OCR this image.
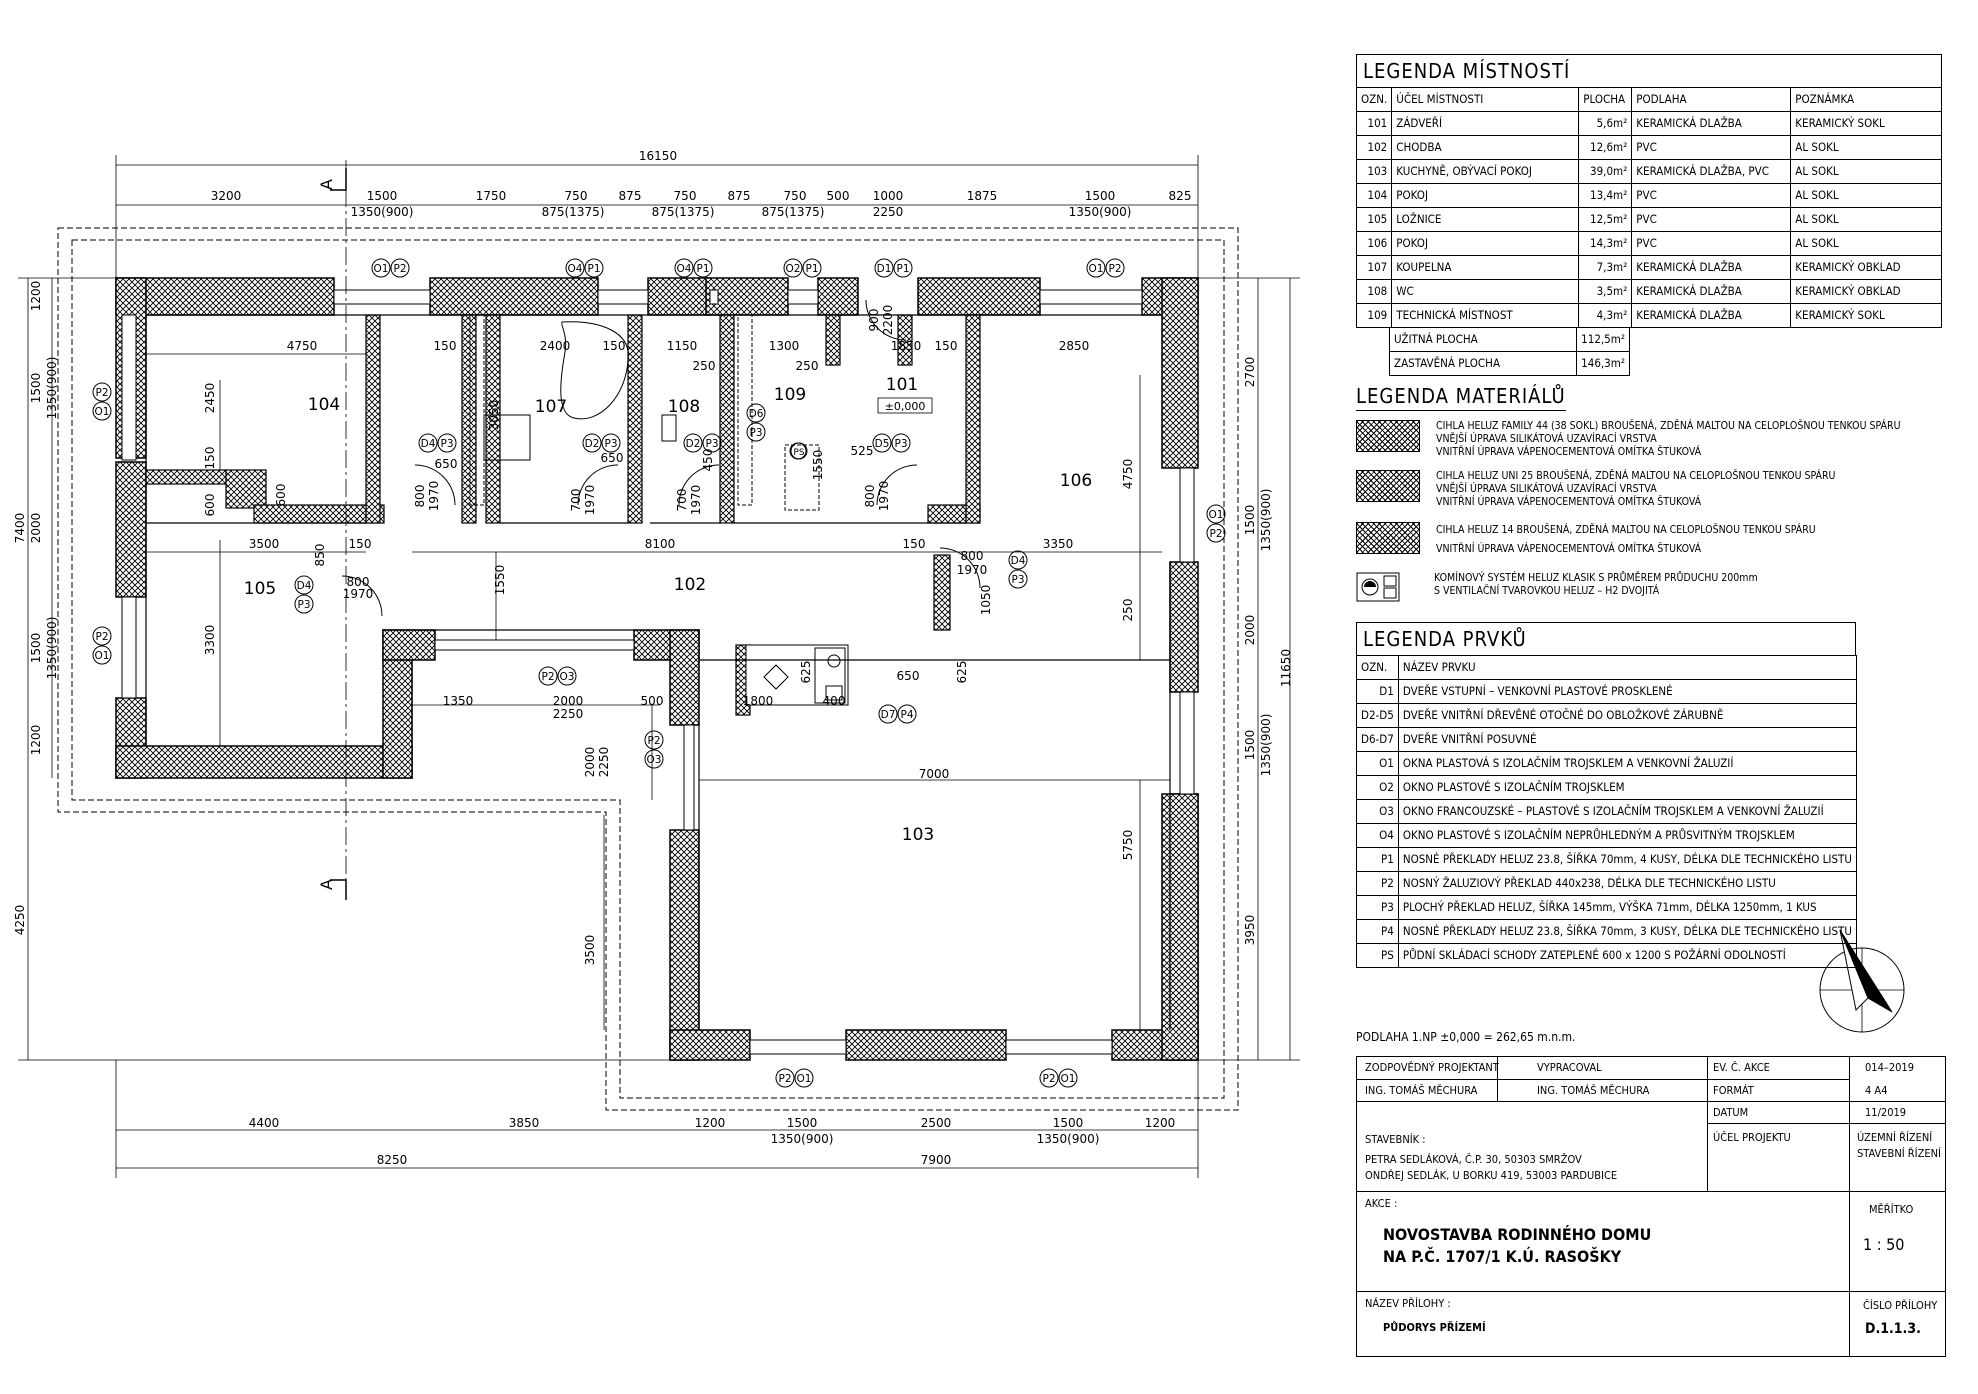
A
A
16150
3200	1500
1350(900)
1750	750
875(1375)
875	750
875(1375)
875	750
875(1375)
500 1000
2250
1875	1500
1350(900)
825
4400	3850	1200	1500
1350(900)
2500	1500
1350(900)
1200
8250	7900
1200
1500 1350(900)
2000
1500 1350(900)
1200
7400
4250
2700
1500 1350(900)
2000
1500 1350(900)
3950
11650
4750	150	2400	150	1150	1300	1850 150	2850
2450
150
600	600
3050
250	250
650	650	450
800 1970	700 1970	700 1970	800 1970
1550 525
3500	150	8100	150	3350
850
800
1970	1550
800
1970
1050	250
4750
3300
1350	2000
2250
500	1800	400
625	625
650
7000
5750
2000 2250
3500
900 2200
104	107	108
109	101
106
105	102
103
±0,000
O1 P2	O4 P1	O4 P1	O2 P1	D1 P1	O1 P2
P2
O1
D4 P3	D2 P3	D2 P3
D6
P3
D5 P3
D4
P3
D4
P3
P2 O3
D7 P4
P2
O3
P2 O1	P2 O1
O1
P2
P2
O1
PS
LEGENDA MÍSTNOSTÍ
OZN.	ÚČEL MÍSTNOSTI	PLOCHA	PODLAHA	POZNÁMKA
101	ZÁDVEŘÍ	5,6m²	KERAMICKÁ DLAŽBA	KERAMICKÝ SOKL
102	CHODBA	12,6m²	PVC	AL SOKL
103	KUCHYNĚ, OBÝVACÍ POKOJ	39,0m²	KERAMICKÁ DLAŽBA, PVC	AL SOKL
104	POKOJ	13,4m²	PVC	AL SOKL
105	LOŽNICE	12,5m²	PVC	AL SOKL
106	POKOJ	14,3m²	PVC	AL SOKL
107	KOUPELNA	7,3m²	KERAMICKÁ DLAŽBA	KERAMICKÝ OBKLAD
108	WC	3,5m²	KERAMICKÁ DLAŽBA	KERAMICKÝ OBKLAD
109	TECHNICKÁ MÍSTNOST	4,3m²	KERAMICKÁ DLAŽBA	KERAMICKÝ SOKL
UŽITNÁ PLOCHA	112,5m²
ZASTAVĚNÁ PLOCHA	146,3m²
LEGENDA MATERIÁLŮ
CIHLA HELUZ FAMILY 44 (38 SOKL) BROUŠENÁ, ZDĚNÁ MALTOU NA CELOPLOŠNOU TENKOU SPÁRU
VNĚJŠÍ ÚPRAVA SILIKÁTOVÁ UZAVÍRACÍ VRSTVA
VNITŘNÍ ÚPRAVA VÁPENOCEMENTOVÁ OMÍTKA ŠTUKOVÁ
CIHLA HELUZ UNI 25 BROUŠENÁ, ZDĚNÁ MALTOU NA CELOPLOŠNOU TENKOU SPÁRU
VNĚJŠÍ ÚPRAVA SILIKÁTOVÁ UZAVÍRACÍ VRSTVA
VNITŘNÍ ÚPRAVA VÁPENOCEMENTOVÁ OMÍTKA ŠTUKOVÁ
CIHLA HELUZ 14 BROUŠENÁ, ZDĚNÁ MALTOU NA CELOPLOŠNOU TENKOU SPÁRU
VNITŘNÍ ÚPRAVA VÁPENOCEMENTOVÁ OMÍTKA ŠTUKOVÁ
KOMÍNOVÝ SYSTÉM HELUZ KLASIK S PRŮMĚREM PRŮDUCHU 200mm
S VENTILAČNÍ TVAROVKOU HELUZ – H2 DVOJITÁ
LEGENDA PRVKŮ
OZN.	NÁZEV PRVKU
D1	DVEŘE VSTUPNÍ – VENKOVNÍ PLASTOVÉ PROSKLENÉ
D2-D5	DVEŘE VNITŘNÍ DŘEVĚNÉ OTOČNÉ DO OBLOŽKOVÉ ZÁRUBNĚ
D6-D7	DVEŘE VNITŘNÍ POSUVNÉ
O1	OKNA PLASTOVÁ S IZOLAČNÍM TROJSKLEM A VENKOVNÍ ŽALUZIÍ
O2	OKNO PLASTOVÉ S IZOLAČNÍM TROJSKLEM
O3	OKNO FRANCOUZSKÉ – PLASTOVÉ S IZOLAČNÍM TROJSKLEM A VENKOVNÍ ŽALUZIÍ
O4	OKNO PLASTOVÉ S IZOLAČNÍM NEPRŮHLEDNÝM A PRŮSVITNÝM TROJSKLEM
P1	NOSNÉ PŘEKLADY HELUZ 23.8, ŠÍŘKA 70mm, 4 KUSY, DÉLKA DLE TECHNICKÉHO LISTU
P2	NOSNÝ ŽALUZIOVÝ PŘEKLAD 440x238, DÉLKA DLE TECHNICKÉHO LISTU
P3	PLOCHÝ PŘEKLAD HELUZ, ŠÍŘKA 145mm, VÝŠKA 71mm, DÉLKA 1250mm, 1 KUS
P4	NOSNÉ PŘEKLADY HELUZ 23.8, ŠÍŘKA 70mm, 3 KUSY, DÉLKA DLE TECHNICKÉHO LISTU
PS	PŮDNÍ SKLÁDACÍ SCHODY ZATEPLENÉ 600 x 1200 S POŽÁRNÍ ODOLNOSTÍ
PODLAHA 1.NP ±0,000 = 262,65 m.n.m.
ZODPOVĚDNÝ PROJEKTANT
ING. TOMÁŠ MĚCHURA
VYPRACOVAL
ING. TOMÁŠ MĚCHURA
EV. Č. AKCE	014–2019
FORMÁT	4 A4
DATUM	11/2019
STAVEBNÍK :
PETRA SEDLÁKOVÁ, Č.P. 30, 50303 SMRŽOV
ONDŘEJ SEDLÁK, U BORKU 419, 53003 PARDUBICE
ÚČEL PROJEKTU	ÚZEMNÍ ŘÍZENÍ
STAVEBNÍ ŘÍZENÍ
AKCE :
NOVOSTAVBA RODINNÉHO DOMU
NA P.Č. 1707/1 K.Ú. RASOŠKY
MĚŘÍTKO
1 : 50
NÁZEV PŘÍLOHY :
PŮDORYS PŘÍZEMÍ
ČÍSLO PŘÍLOHY
D.1.1.3.
